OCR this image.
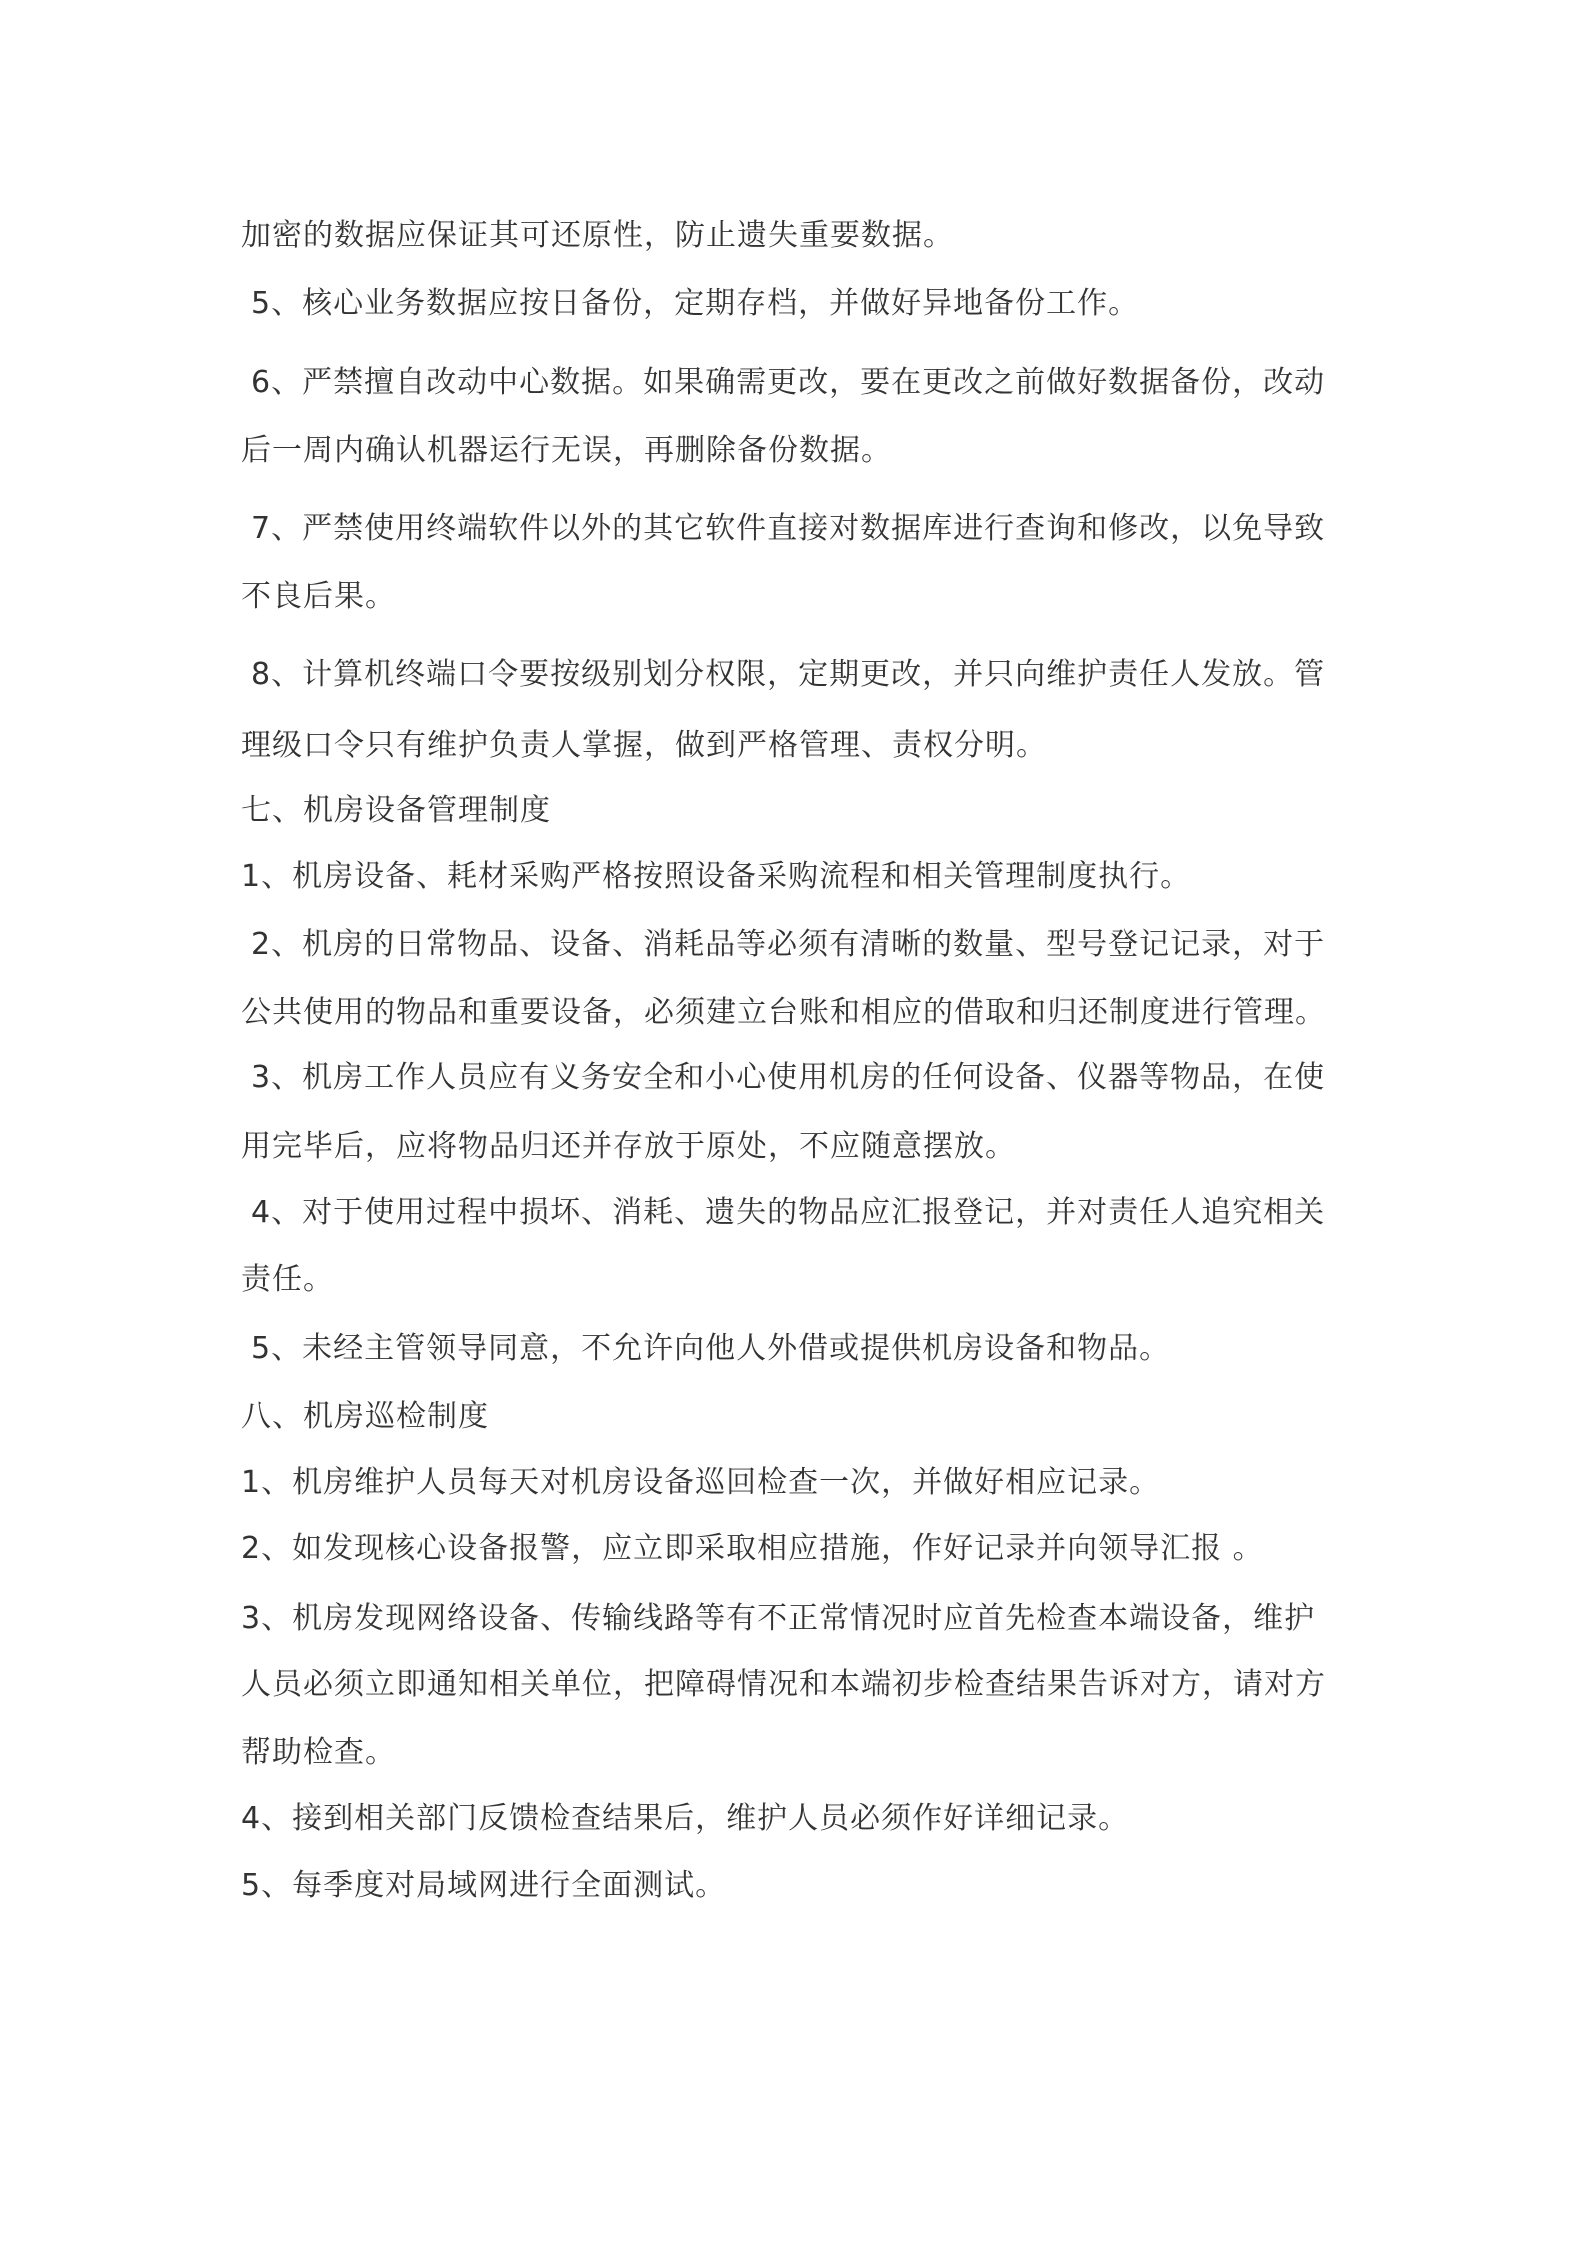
加密的数据应保证其可还原性，防止遗失重要数据。
5、核心业务数据应按日备份，定期存档，并做好异地备份工作。
6、严禁擅自改动中心数据。如果确需更改，要在更改之前做好数据备份，改动
后一周内确认机器运行无误，再删除备份数据。
7、严禁使用终端软件以外的其它软件直接对数据库进行查询和修改，以免导致
不良后果。
8、计算机终端口令要按级别划分权限，定期更改，并只向维护责任人发放。管
理级口令只有维护负责人掌握，做到严格管理、责权分明。
七、机房设备管理制度
1、机房设备、耗材采购严格按照设备采购流程和相关管理制度执行。
2、机房的日常物品、设备、消耗品等必须有清晰的数量、型号登记记录，对于
公共使用的物品和重要设备，必须建立台账和相应的借取和归还制度进行管理。
3、机房工作人员应有义务安全和小心使用机房的任何设备、仪器等物品，在使
用完毕后，应将物品归还并存放于原处，不应随意摆放。
4、对于使用过程中损坏、消耗、遗失的物品应汇报登记，并对责任人追究相关
责任。
5、未经主管领导同意，不允许向他人外借或提供机房设备和物品。
八、机房巡检制度
1、机房维护人员每天对机房设备巡回检查一次，并做好相应记录。
2、如发现核心设备报警，应立即采取相应措施，作好记录并向领导汇报 。
3、机房发现网络设备、传输线路等有不正常情况时应首先检查本端设备，维护
人员必须立即通知相关单位，把障碍情况和本端初步检查结果告诉对方，请对方
帮助检查。
4、接到相关部门反馈检查结果后，维护人员必须作好详细记录。
5、每季度对局域网进行全面测试。
